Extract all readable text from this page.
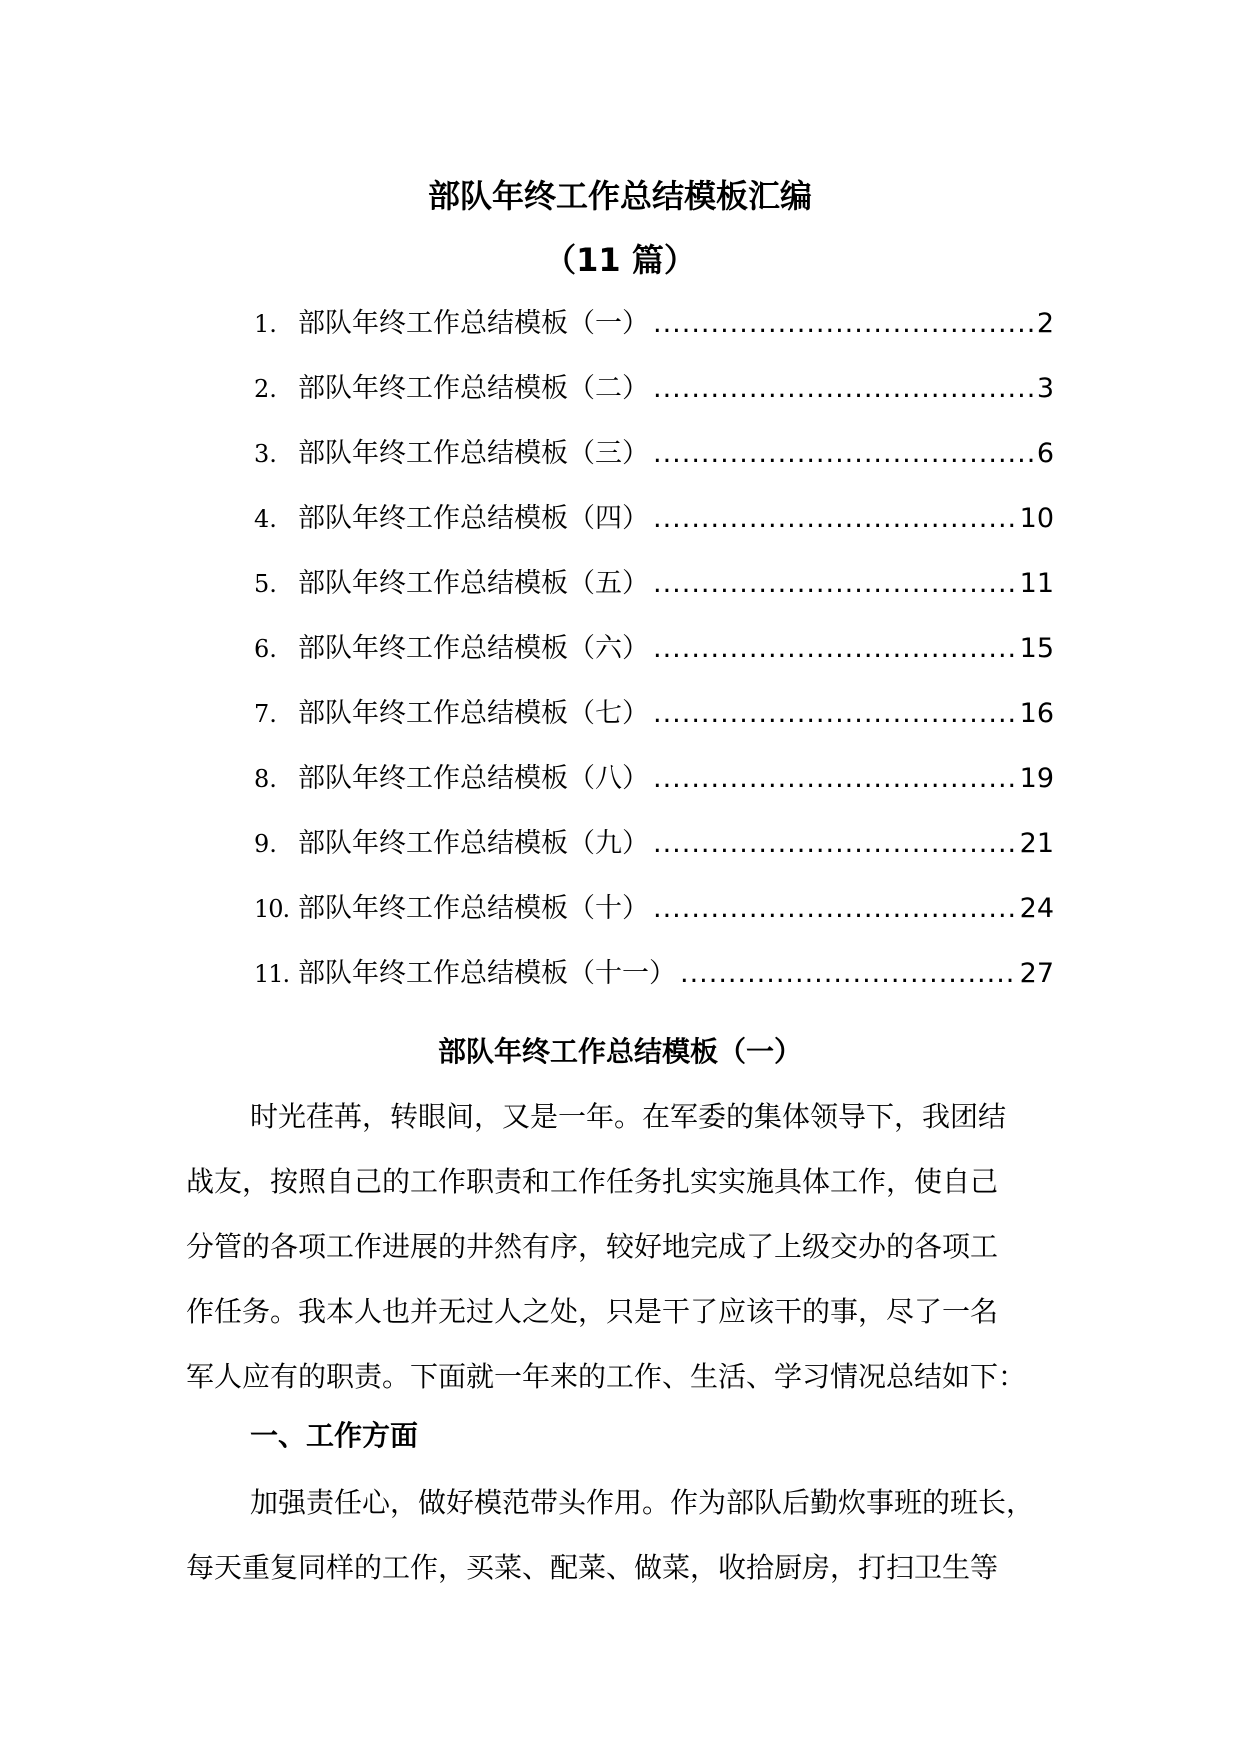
部队年终工作总结模板汇编
（11 篇）
1. 部队年终工作总结模板（一） .....	2
2. 部队年终工作总结模板（二） .....	3
3. 部队年终工作总结模板（三） .....	6
4. 部队年终工作总结模板（四） .....	10
5. 部队年终工作总结模板（五） .....	11
6. 部队年终工作总结模板（六） .....	15
7. 部队年终工作总结模板（七） .....	16
8. 部队年终工作总结模板（八） .....	19
9. 部队年终工作总结模板（九） .....	21
10. 部队年终工作总结模板（十） .....	24
11. 部队年终工作总结模板（十一） .....	27
部队年终工作总结模板（一）
时光荏苒，转眼间，又是一年。在军委的集体领导下，我团结
战友，按照自己的工作职责和工作任务扎实实施具体工作，使自己
分管的各项工作进展的井然有序，较好地完成了上级交办的各项工
作任务。我本人也并无过人之处，只是干了应该干的事，尽了一名
军人应有的职责。下面就一年来的工作、生活、学习情况总结如下：
一、工作方面
加强责任心，做好模范带头作用。作为部队后勤炊事班的班长，
每天重复同样的工作，买菜、配菜、做菜，收拾厨房，打扫卫生等
